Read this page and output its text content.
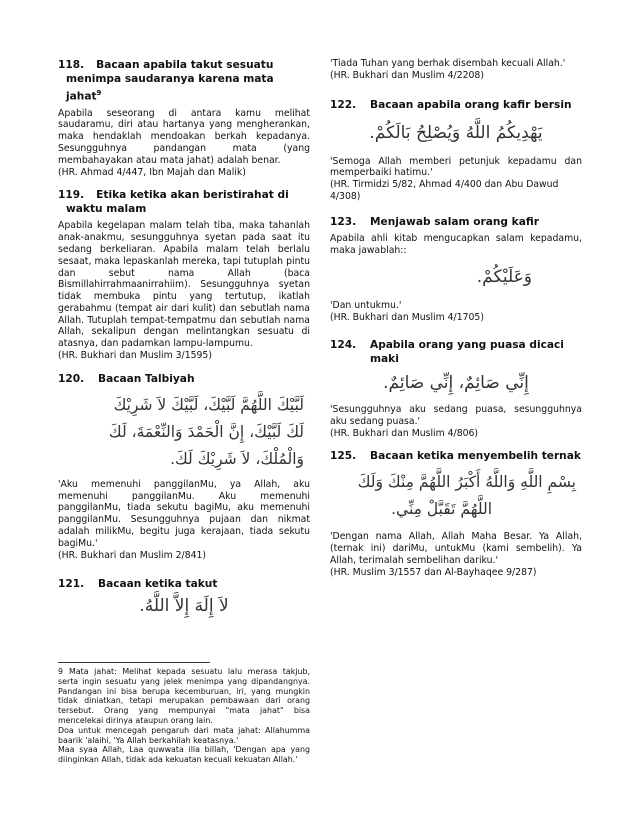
118. Bacaan apabila takut sesuatu menimpa saudaranya karena mata jahat$^9$
Apabila seseorang di antara kamu melihat saudaramu, diri atau hartanya yang mengherankan, maka hendaklah mendoakan berkah kepadanya. Sesungguhnya pandangan mata (yang membahayakan atau mata jahat) adalah benar.
(HR. Ahmad 4/447, Ibn Majah dan Malik)
119. Etika ketika akan beristirahat di waktu malam
Apabila kegelapan malam telah tiba, maka tahanlah anak-anakmu, sesungguhnya syetan pada saat itu sedang berkeliaran. Apabila malam telah berlalu sesaat, maka lepaskanlah mereka, tapi tutuplah pintu dan sebut nama Allah (baca Bismillahirrahmaanirrahiim). Sesungguhnya syetan tidak membuka pintu yang tertutup, ikatlah gerabahmu (tempat air dari kulit) dan sebutlah nama Allah. Tutuplah tempat-tempatmu dan sebutlah nama Allah, sekalipun dengan melintangkan sesuatu di atasnya, dan padamkan lampu-lampumu.
(HR. Bukhari dan Muslim 3/1595)
120.	Bacaan Talbiyah
لَبَّيْكَ اللَّهُمَّ لَبَّيْكَ، لَبَّيْكَ لاَ شَرِيْكَ
لَكَ لَبَّيْكَ، إِنَّ الْحَمْدَ وَالنِّعْمَةَ، لَكَ
وَالْمُلْكَ، لاَ شَرِيْكَ لَكَ.
'Aku memenuhi panggilanMu, ya Allah, aku memenuhi panggilanMu. Aku memenuhi panggilanMu, tiada sekutu bagiMu, aku memenuhi panggilanMu. Sesungguhnya pujaan dan nikmat adalah milikMu, begitu juga kerajaan, tiada sekutu bagiMu.'
(HR. Bukhari dan Muslim 2/841)
121.	Bacaan ketika takut
لاَ إِلَهَ إِلاَّ اللَّهُ.
9 Mata jahat: Melihat kepada sesuatu lalu merasa takjub, serta ingin sesuatu yang jelek menimpa yang dipandangnya. Pandangan ini bisa berupa kecemburuan, iri, yang mungkin tidak diniatkan, tetapi merupakan pembawaan dari orang tersebut. Orang yang mempunyai "mata jahat" bisa mencelekai dirinya ataupun orang lain.
Doa untuk mencegah pengaruh dari mata jahat: Allahumma baarik 'alaihi, 'Ya Allah berkahilah keatasnya.'
Maa syaa Allah, Laa quwwata illa billah, 'Dengan apa yang diinginkan Allah, tidak ada kekuatan kecuali kekuatan Allah.'
'Tiada Tuhan yang berhak disembah kecuali Allah.'
(HR. Bukhari dan Muslim 4/2208)
122.	Bacaan apabila orang kafir bersin
يَهْدِيكُمُ اللَّهُ وَيُصْلِحُ بَالَكُمْ.
'Semoga Allah memberi petunjuk kepadamu dan memperbaiki hatimu.'
(HR. Tirmidzi 5/82, Ahmad 4/400 dan Abu Dawud 4/308)
123.	Menjawab salam orang kafir
Apabila ahli kitab mengucapkan salam kepadamu, maka jawablah::
وَعَلَيْكُمْ.
'Dan untukmu.'
(HR. Bukhari dan Muslim 4/1705)
124.	Apabila orang yang puasa dicaci maki
إِنِّي صَائِمٌ، إِنِّي صَائِمٌ.
'Sesungguhnya aku sedang puasa, sesungguhnya aku sedang puasa.'
(HR. Bukhari dan Muslim 4/806)
125.	Bacaan ketika menyembelih ternak
بِسْمِ اللَّهِ وَاللَّهُ أَكْبَرُ اللَّهُمَّ مِنْكَ وَلَكَ
اللَّهُمَّ تَقَبَّلْ مِنِّي.
'Dengan nama Allah, Allah Maha Besar. Ya Allah, (ternak ini) dariMu, untukMu (kami sembelih). Ya Allah, terimalah sembelihan dariku.'
(HR. Muslim 3/1557 dan Al-Bayhaqee 9/287)
